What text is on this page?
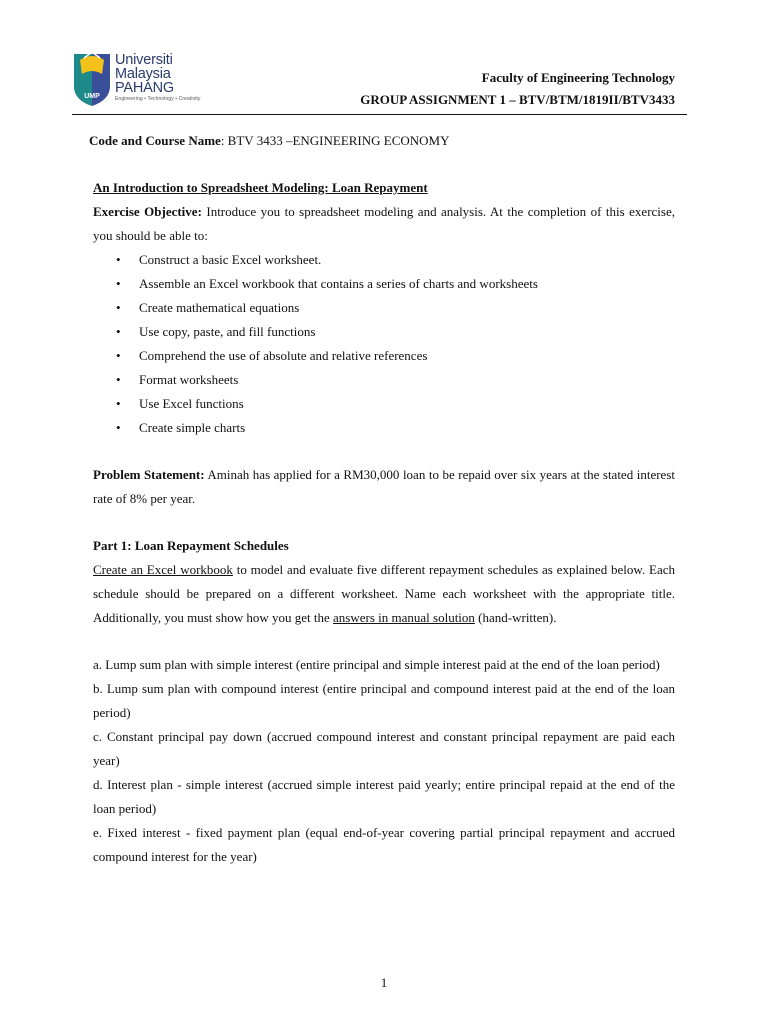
UMP
Universiti
Malaysia
PAHANG
Engineering • Technology • Creativity
Faculty of Engineering Technology
GROUP ASSIGNMENT 1 – BTV/BTM/1819II/BTV3433

Code and Course Name: BTV 3433 –ENGINEERING ECONOMY

An Introduction to Spreadsheet Modeling: Loan Repayment

Exercise Objective: Introduce you to spreadsheet modeling and analysis. At the completion of this exercise, you should be able to:

• Construct a basic Excel worksheet.
• Assemble an Excel workbook that contains a series of charts and worksheets
• Create mathematical equations
• Use copy, paste, and fill functions
• Comprehend the use of absolute and relative references
• Format worksheets
• Use Excel functions
• Create simple charts

Problem Statement: Aminah has applied for a RM30,000 loan to be repaid over six years at the stated interest rate of 8% per year.

Part 1: Loan Repayment Schedules

Create an Excel workbook to model and evaluate five different repayment schedules as explained below. Each schedule should be prepared on a different worksheet. Name each worksheet with the appropriate title. Additionally, you must show how you get the answers in manual solution (hand-written).

a. Lump sum plan with simple interest (entire principal and simple interest paid at the end of the loan period)

b. Lump sum plan with compound interest (entire principal and compound interest paid at the end of the loan period)

c. Constant principal pay down (accrued compound interest and constant principal repayment are paid each year)

d. Interest plan - simple interest (accrued simple interest paid yearly; entire principal repaid at the end of the loan period)

e. Fixed interest - fixed payment plan (equal end-of-year covering partial principal repayment and accrued compound interest for the year)

1
